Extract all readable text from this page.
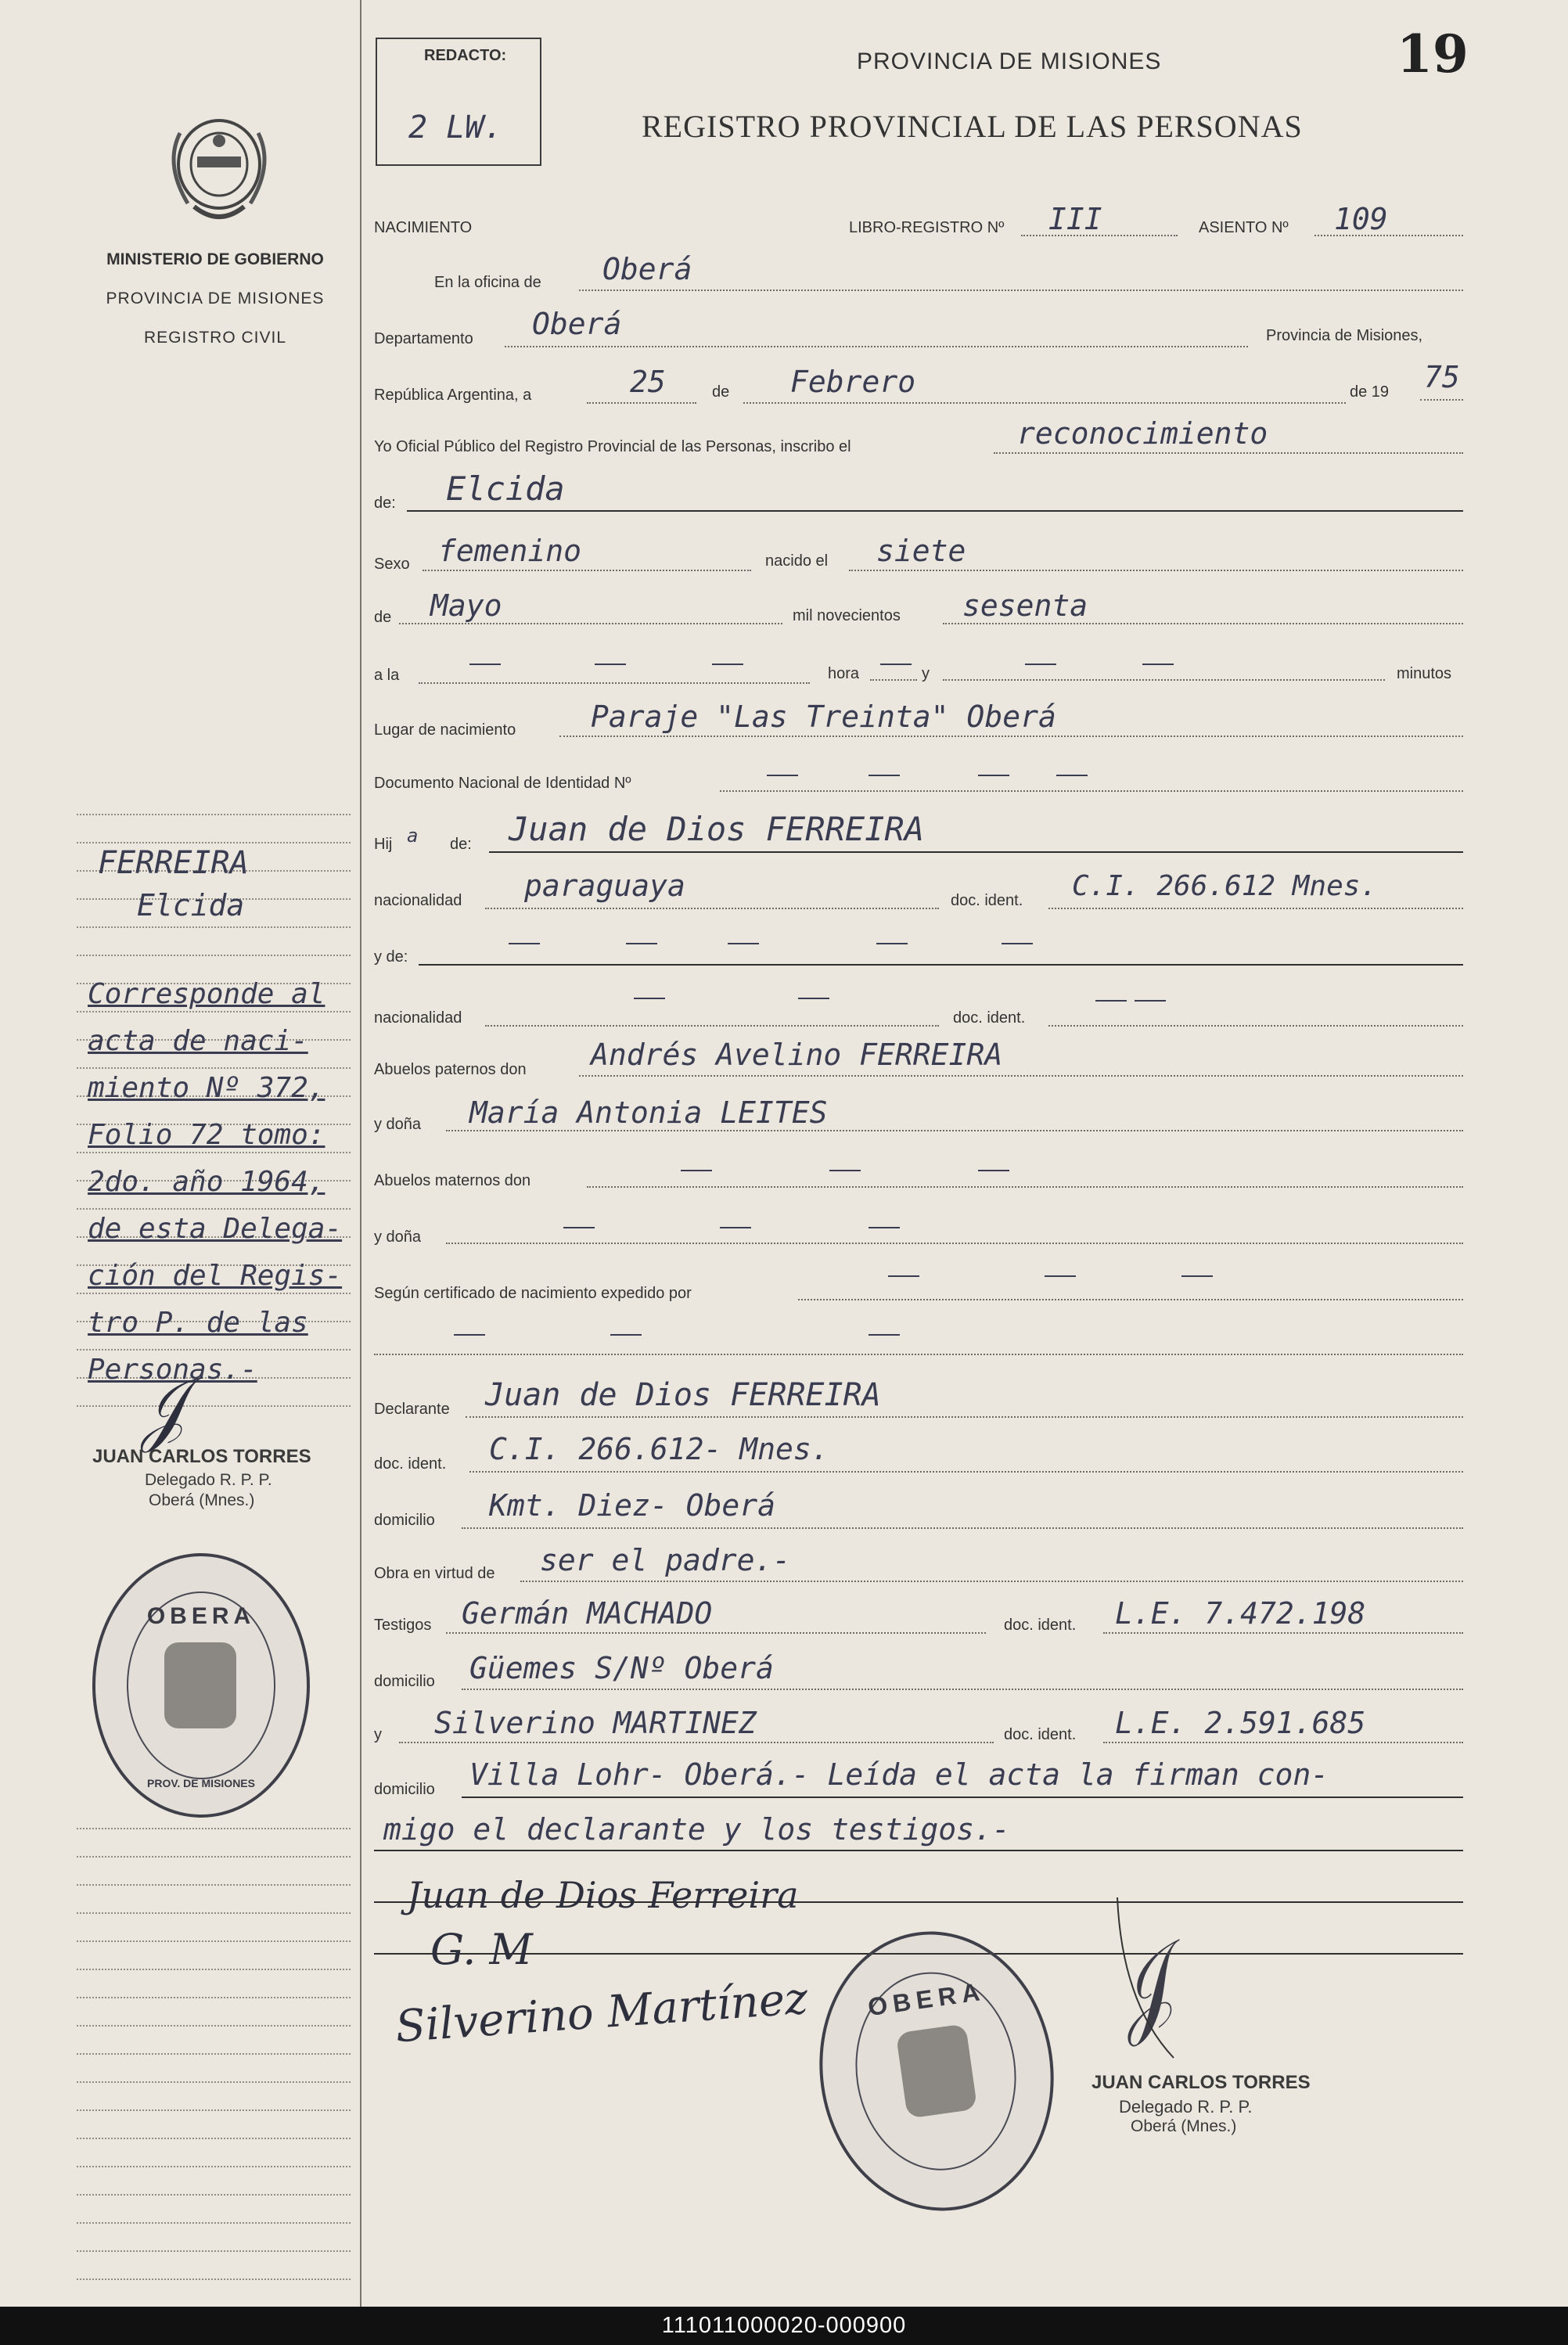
MINISTERIO DE GOBIERNO
PROVINCIA DE MISIONES
REGISTRO CIVIL
FERREIRA
Elcida
Corresponde al
acta de naci-
miento Nº 372,
Folio 72 tomo:
2do. año 1964,
de esta Delega-
ción del Regis-
tro P. de las
Personas.-
𝒥
JUAN CARLOS TORRES
Delegado R. P. P.
Oberá (Mnes.)
OBERA
PROV. DE MISIONES
REDACTO:
2 LW.
PROVINCIA DE MISIONES	19
REGISTRO PROVINCIAL DE LAS PERSONAS
NACIMIENTO	LIBRO-REGISTRO Nº III	ASIENTO Nº 109
En la oficina de Oberá
Departamento Oberá	Provincia de Misiones,
República Argentina, a	25	de Febrero	de 19 75
Yo Oficial Público del Registro Provincial de las Personas, inscribo el	reconocimiento
de: Elcida
Sexo femenino	nacido el siete
de Mayo	mil novecientos sesenta
a la	hora	y	minutos
Lugar de nacimiento	Paraje "Las Treinta" Oberá
Documento Nacional de Identidad Nº
Hij a de: Juan de Dios FERREIRA
nacionalidad paraguaya	doc. ident. C.I. 266.612 Mnes.
y de:
nacionalidad	doc. ident.
Abuelos paternos don Andrés Avelino FERREIRA
y doña María Antonia LEITES
Abuelos maternos don
y doña
Según certificado de nacimiento expedido por
Declarante Juan de Dios FERREIRA
doc. ident. C.I. 266.612- Mnes.
domicilio Kmt. Diez- Oberá
Obra en virtud de ser el padre.-
Testigos Germán MACHADO	doc. ident. L.E. 7.472.198
domicilio Güemes S/Nº Oberá
y Silverino MARTINEZ	doc. ident. L.E. 2.591.685
domicilio Villa Lohr- Oberá.- Leída el acta la firman con-
migo el declarante y los testigos.-
Juan de Dios Ferreira
G. M
Silverino Martínez	OBERA	𝒥
JUAN CARLOS TORRES
Delegado R. P. P.
Oberá (Mnes.)
111011000020-000900
